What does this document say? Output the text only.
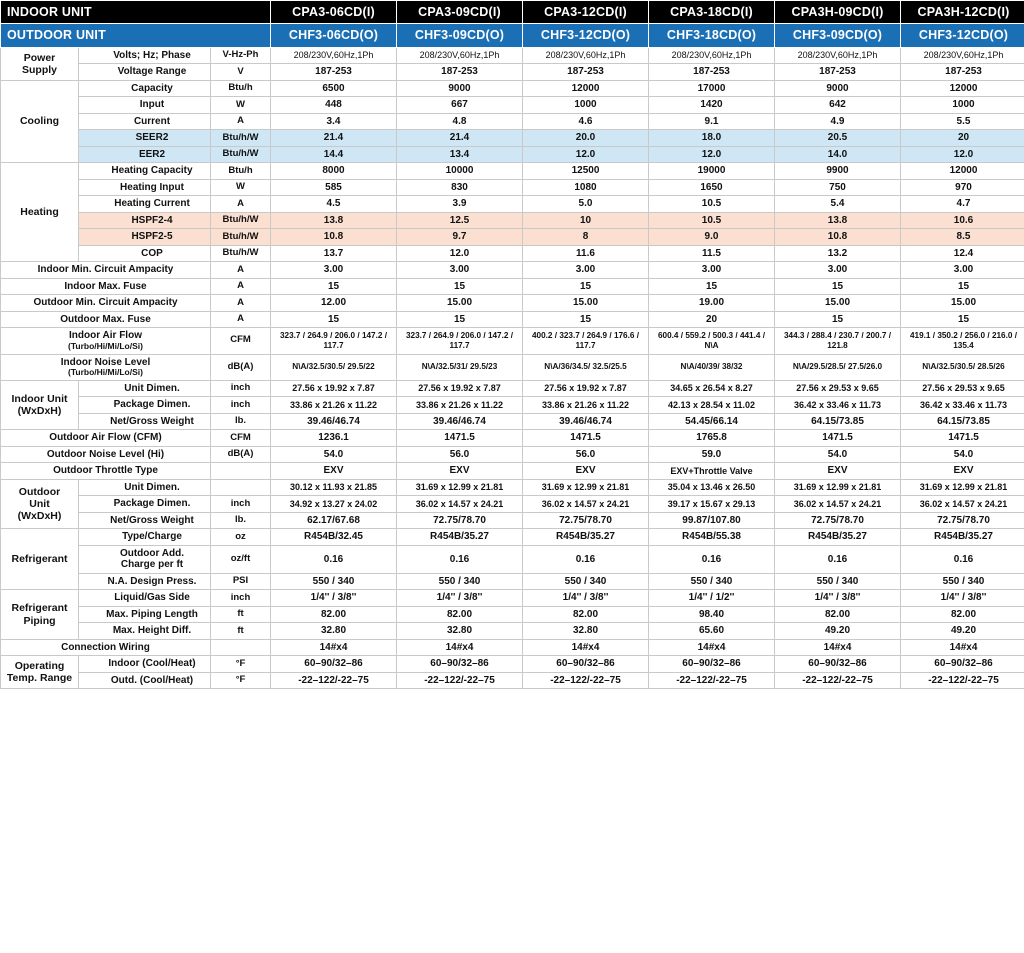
INDOOR UNIT			CPA3-06CD(I)	CPA3-09CD(I)	CPA3-12CD(I)	CPA3-18CD(I)	CPA3H-09CD(I)	CPA3H-12CD(I)
OUTDOOR UNIT			CHF3-06CD(O)	CHF3-09CD(O)	CHF3-12CD(O)	CHF3-18CD(O)	CHF3-09CD(O)	CHF3-12CD(O)
Power
Supply	Volts; Hz; Phase	V-Hz-Ph	208/230V,60Hz,1Ph	208/230V,60Hz,1Ph	208/230V,60Hz,1Ph	208/230V,60Hz,1Ph	208/230V,60Hz,1Ph	208/230V,60Hz,1Ph
	Voltage Range	V	187-253	187-253	187-253	187-253	187-253	187-253
Cooling	Capacity	Btu/h	6500	9000	12000	17000	9000	12000
	Input	W	448	667	1000	1420	642	1000
	Current	A	3.4	4.8	4.6	9.1	4.9	5.5
	SEER2	Btu/h/W	21.4	21.4	20.0	18.0	20.5	20
	EER2	Btu/h/W	14.4	13.4	12.0	12.0	14.0	12.0
Heating	Heating Capacity	Btu/h	8000	10000	12500	19000	9900	12000
	Heating Input	W	585	830	1080	1650	750	970
	Heating Current	A	4.5	3.9	5.0	10.5	5.4	4.7
	HSPF2-4	Btu/h/W	13.8	12.5	10	10.5	13.8	10.6
	HSPF2-5	Btu/h/W	10.8	9.7	8	9.0	10.8	8.5
	COP	Btu/h/W	13.7	12.0	11.6	11.5	13.2	12.4
Indoor Min. Circuit Ampacity		A	3.00	3.00	3.00	3.00	3.00	3.00
Indoor Max. Fuse		A	15	15	15	15	15	15
Outdoor Min. Circuit Ampacity		A	12.00	15.00	15.00	19.00	15.00	15.00
Outdoor Max. Fuse		A	15	15	15	20	15	15
Indoor Air Flow

(Turbo/Hi/Mi/Lo/Si)		CFM	323.7 / 264.9 / 206.0 / 147.2 / 117.7	323.7 / 264.9 / 206.0 / 147.2 / 117.7	400.2 / 323.7 / 264.9 / 176.6 / 117.7	600.4 / 559.2 / 500.3 / 441.4 / N\A	344.3 / 288.4 / 230.7 / 200.7 / 121.8	419.1 / 350.2 / 256.0 / 216.0 / 135.4
Indoor Noise Level

(Turbo/Hi/Mi/Lo/Si)		dB(A)	N\A/32.5/30.5/ 29.5/22	N\A/32.5/31/ 29.5/23	N\A/36/34.5/ 32.5/25.5	N\A/40/39/ 38/32	N\A/29.5/28.5/ 27.5/26.0	N\A/32.5/30.5/ 28.5/26
Indoor Unit
(WxDxH)	Unit Dimen.	inch	27.56 x 19.92 x 7.87	27.56 x 19.92 x 7.87	27.56 x 19.92 x 7.87	34.65 x 26.54 x 8.27	27.56 x 29.53 x 9.65	27.56 x 29.53 x 9.65
	Package Dimen.	inch	33.86 x 21.26 x 11.22	33.86 x 21.26 x 11.22	33.86 x 21.26 x 11.22	42.13 x 28.54 x 11.02	36.42 x 33.46 x 11.73	36.42 x 33.46 x 11.73
	Net/Gross Weight	lb.	39.46/46.74	39.46/46.74	39.46/46.74	54.45/66.14	64.15/73.85	64.15/73.85
Outdoor Air Flow (CFM)		CFM	1236.1	1471.5	1471.5	1765.8	1471.5	1471.5
Outdoor Noise Level (Hi)		dB(A)	54.0	56.0	56.0	59.0	54.0	54.0
Outdoor Throttle Type			EXV	EXV	EXV	EXV+Throttle Valve	EXV	EXV
Outdoor
Unit
(WxDxH)	Unit Dimen.		30.12 x 11.93 x 21.85	31.69 x 12.99 x 21.81	31.69 x 12.99 x 21.81	35.04 x 13.46 x 26.50	31.69 x 12.99 x 21.81	31.69 x 12.99 x 21.81
	Package Dimen.	inch	34.92 x 13.27 x 24.02	36.02 x 14.57 x 24.21	36.02 x 14.57 x 24.21	39.17 x 15.67 x 29.13	36.02 x 14.57 x 24.21	36.02 x 14.57 x 24.21
	Net/Gross Weight	lb.	62.17/67.68	72.75/78.70	72.75/78.70	99.87/107.80	72.75/78.70	72.75/78.70
Refrigerant	Type/Charge	oz	R454B/32.45	R454B/35.27	R454B/35.27	R454B/55.38	R454B/35.27	R454B/35.27
	Outdoor Add.
Charge per ft	oz/ft	0.16	0.16	0.16	0.16	0.16	0.16
	N.A. Design Press.	PSI	550 / 340	550 / 340	550 / 340	550 / 340	550 / 340	550 / 340
Refrigerant
Piping	Liquid/Gas Side	inch	1/4'' / 3/8''	1/4'' / 3/8''	1/4'' / 3/8''	1/4'' / 1/2''	1/4'' / 3/8''	1/4'' / 3/8''
	Max. Piping Length	ft	82.00	82.00	82.00	98.40	82.00	82.00
	Max. Height Diff.	ft	32.80	32.80	32.80	65.60	49.20	49.20
Connection Wiring			14#x4	14#x4	14#x4	14#x4	14#x4	14#x4
Operating
Temp. Range	Indoor (Cool/Heat)	°F	60–90/32–86	60–90/32–86	60–90/32–86	60–90/32–86	60–90/32–86	60–90/32–86
	Outd. (Cool/Heat)	°F	-22–122/-22–75	-22–122/-22–75	-22–122/-22–75	-22–122/-22–75	-22–122/-22–75	-22–122/-22–75
